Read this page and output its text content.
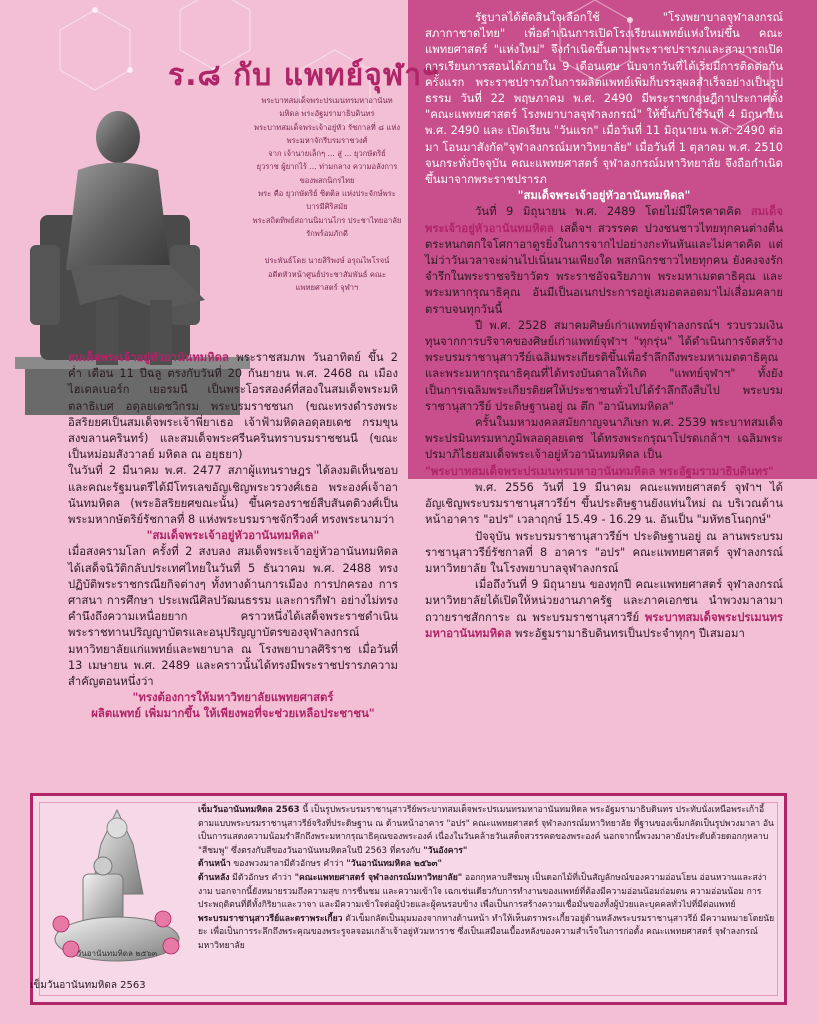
ร.๘ กับ แพทย์จุฬาฯ

พระบาทสมเด็จพระปรเมนทรมหาอานันทมหิดล พระอัฐมรามาธิบดินทร

พระบาทสมเด็จพระเจ้าอยู่หัว รัชกาลที่ ๘ แห่งพระมหาจักรีบรมราชวงศ์

จาก เจ้านายเล็กๆ ... สู่ ... ยุวกษัตริย์

ยุวราช ผู้ยากไร้ ... ท่ามกลาง ความอลังการของพสกนิกรไทย

พระ คือ ยุวกษัตริย์ ซิตติล แห่งประจักษ์พระบารมีศิริสมัย

พระสถิตทิพย์สถานนิมานไกร ประชาไทยอาลัยรักพร้อมภักดี

ประพันธ์โดย นายสิริพงษ์ อรุณไพโรจน์

อดีตหัวหน้าศูนย์ประชาสัมพันธ์ คณะแพทยศาสตร์ จุฬาฯ

สมเด็จพระเจ้าอยู่หัวอานันทมหิดล พระราชสมภพ วันอาทิตย์ ขึ้น 2 ค่ำ เดือน 11 ปีฉลู ตรงกับวันที่ 20 กันยายน พ.ศ. 2468 ณ เมืองไฮเดลเบอร์ก เยอรมนี เป็นพระโอรสองค์ที่สองในสมเด็จพระมหิตลาธิเบศ อดุลยเดชวิกรม พระบรมราชชนก (ขณะทรงดำรงพระอิสริยยศเป็นสมเด็จพระเจ้าพี่ยาเธอ เจ้าฟ้ามหิดลอดุลยเดช กรมขุนสงขลานครินทร์) และสมเด็จพระศรีนครินทราบรมราชชนนี (ขณะเป็นหม่อมสังวาลย์ มหิดล ณ อยุธยา)

ในวันที่ 2 มีนาคม พ.ศ. 2477 สภาผู้แทนราษฎร ได้ลงมติเห็นชอบ และคณะรัฐมนตรีได้มีโทรเลขอัญเชิญพระวรวงศ์เธอ พระองค์เจ้าอานันทมหิดล (พระอิสริยยศขณะนั้น) ขึ้นครองราชย์สืบสันตติวงศ์เป็นพระมหากษัตริย์รัชกาลที่ 8 แห่งพระบรมราชจักรีวงศ์ ทรงพระนามว่า

"สมเด็จพระเจ้าอยู่หัวอานันทมหิดล"

เมื่อสงครามโลก ครั้งที่ 2 สงบลง สมเด็จพระเจ้าอยู่หัวอานันทมหิดล ได้เสด็จนิวัติกลับประเทศไทยในวันที่ 5 ธันวาคม พ.ศ. 2488 ทรงปฏิบัติพระราชกรณียกิจต่างๆ ทั้งทางด้านการเมือง การปกครอง การศาสนา การศึกษา ประเพณีศิลปวัฒนธรรม และการกีฬา อย่างไม่ทรงคำนึงถึงความเหนื่อยยาก คราวหนึ่งได้เสด็จพระราชดำเนินพระราชทานปริญญาบัตรและอนุปริญญาบัตรของจุฬาลงกรณ์มหาวิทยาลัยแก่แพทย์และพยาบาล ณ โรงพยาบาลศิริราช เมื่อวันที่ 13 เมษายน พ.ศ. 2489 และคราวนั้นได้ทรงมีพระราชปรารภความสำคัญตอนหนึ่งว่า

"ทรงต้องการให้มหาวิทยาลัยแพทยศาสตร์

ผลิตแพทย์ เพิ่มมากขึ้น ให้เพียงพอที่จะช่วยเหลือประชาชน"

รัฐบาลได้ตัดสินใจเลือกใช้ "โรงพยาบาลจุฬาลงกรณ์ สภากาชาดไทย" เพื่อดำเนินการเปิดโรงเรียนแพทย์แห่งใหม่ขึ้น คณะแพทยศาสตร์ "แห่งใหม่" จึงกำเนิดขึ้นตามพระราชปรารภและสามารถเปิดการเรียนการสอนได้ภายใน 9 เดือนเศษ นับจากวันที่ได้เริ่มมีการติดต่อกันครั้งแรก พระราชปรารภในการผลิตแพทย์เพิ่มก็บรรลุผลสำเร็จอย่างเป็นรูปธรรม วันที่ 22 พฤษภาคม พ.ศ. 2490 มีพระราชกฤษฎีกาประกาศตั้ง "คณะแพทยศาสตร์ โรงพยาบาลจุฬาลงกรณ์" ให้ขึ้นกับใช้วันที่ 4 มิถุนายน พ.ศ. 2490 และ เปิดเรียน "วันแรก" เมื่อวันที่ 11 มิถุนายน พ.ศ. 2490 ต่อมา โอนมาสังกัด"จุฬาลงกรณ์มหาวิทยาลัย" เมื่อวันที่ 1 ตุลาคม พ.ศ. 2510 จนกระทั่งปัจจุบัน คณะแพทยศาสตร์ จุฬาลงกรณ์มหาวิทยาลัย จึงถือกำเนิดขึ้นมาจากพระราชปรารภ

"สมเด็จพระเจ้าอยู่หัวอานันทมหิดล"

วันที่ 9 มิถุนายน พ.ศ. 2489 โดยไม่มีใครคาดคิด สมเด็จพระเจ้าอยู่หัวอานันทมหิดล เสด็จฯ สวรรคต ปวงชนชาวไทยทุกคนต่างตื่นตระหนกตกใจโศกาอาดูรยิ่งในการจากไปอย่างกะทันหันและไม่คาดคิด แต่ไม่ว่าวันเวลาจะผ่านไปเนิ่นนานเพียงใด พสกนิกรชาวไทยทุกคน ยังคงจงรักจำรึกในพระราชจริยาวัตร พระราชอัจฉริยภาพ พระมหาเมตตาธิคุณ และพระมหากรุณาธิคุณ อันมีเป็นอเนกประการอยู่เสมอตลอดมาไม่เสื่อมคลายตราบจนทุกวันนี้

ปี พ.ศ. 2528 สมาคมศิษย์เก่าแพทย์จุฬาลงกรณ์ฯ รวบรวมเงินทุนจากการบริจาคของศิษย์เก่าแพทย์จุฬาฯ "ทุกรุ่น" ได้ดำเนินการจัดสร้างพระบรมราชานุสาวรีย์เฉลิมพระเกียรติขึ้นเพื่อรำลึกถึงพระมหาเมตตาธิคุณ และพระมหากรุณาธิคุณที่ได้ทรงบันดาลให้เกิด "แพทย์จุฬาฯ" ทั้งยังเป็นการเฉลิมพระเกียรติยศให้ประชาชนทั่วไปได้รำลึกถึงสืบไป พระบรมราชานุสาวรีย์ ประดิษฐานอยู่ ณ ตึก "อานันทมหิดล"

ครั้นในมหามงคลสมัยกาญจนาภิเษก พ.ศ. 2539 พระบาทสมเด็จพระปรมินทรมหาภูมิพลอดุลยเดช ได้ทรงพระกรุณาโปรดเกล้าฯ เฉลิมพระปรมาภิไธยสมเด็จพระเจ้าอยู่หัวอานันทมหิดล เป็น

"พระบาทสมเด็จพระปรเมนทรมหาอานันทมหิดล พระอัฐมรามาธิบดินทร"

พ.ศ. 2556 วันที่ 19 มีนาคม คณะแพทยศาสตร์ จุฬาฯ ได้อัญเชิญพระบรมราชานุสาวรีย์ฯ ขึ้นประดิษฐานยังแท่นใหม่ ณ บริเวณด้านหน้าอาคาร "อปร" เวลาฤกษ์ 15.49 - 16.29 น. อันเป็น "มหัทธโนฤกษ์"

ปัจจุบัน พระบรมราชานุสาวรีย์ฯ ประดิษฐานอยู่ ณ ลานพระบรมราชานุสาวรีย์รัชกาลที่ 8 อาคาร "อปร" คณะแพทยศาสตร์ จุฬาลงกรณ์มหาวิทยาลัย ในโรงพยาบาลจุฬาลงกรณ์

เมื่อถึงวันที่ 9 มิถุนายน ของทุกปี คณะแพทยศาสตร์ จุฬาลงกรณ์มหาวิทยาลัยได้เปิดให้หน่วยงานภาครัฐ และภาคเอกชน นำพวงมาลามาถวายราชสักการะ ณ พระบรมราชานุสาวรีย์ พระบาทสมเด็จพระปรเมนทรมหาอานันทมหิดล พระอัฐมรามาธิบดินทรเป็นประจำทุกๆ ปีเสมอมา

วันอานันทมหิดล ๒๕๖๓

เข็มวันอานันทมหิดล 2563 นี้ เป็นรูปพระบรมราชานุสาวรีย์พระบาทสมเด็จพระปรเมนทรมหาอานันทมหิดล พระอัฐมรามาธิบดินทร ประทับนั่งเหนือพระเก้าอี้ ตามแบบพระบรมราชานุสาวรีย์จริงที่ประดิษฐาน ณ ด้านหน้าอาคาร "อปร" คณะแพทยศาสตร์ จุฬาลงกรณ์มหาวิทยาลัย ที่ฐานของเข็มกลัดเป็นรูปพวงมาลา อันเป็นการแสดงความน้อมรำลึกถึงพระมหากรุณาธิคุณของพระองค์ เนื่องในวันคล้ายวันเสด็จสวรรคตของพระองค์ นอกจากนี้พวงมาลายังประดับด้วยดอกกุหลาบ "สีชมพู" ซึ่งตรงกับสีของวันอานันทมหิดลในปี 2563 ที่ตรงกับ "วันอังคาร"

ด้านหน้า ของพวงมาลามีตัวอักษร คำว่า "วันอานันทมหิดล ๒๕๖๓"

ด้านหลัง มีตัวอักษร คำว่า "คณะแพทยศาสตร์ จุฬาลงกรณ์มหาวิทยาลัย" ออกกุหลาบสีชมพู เป็นดอกไม้ที่เป็นสัญลักษณ์ของความอ่อนโยน อ่อนหวานและสง่างาม บอกจากนี้ยังหมายรวมถึงความสุข การชื่นชม และความเข้าใจ เฉกเช่นเดียวกับการทำงานของแพทย์ที่ต้องมีความอ่อนน้อมถ่อมตน ความอ่อนน้อม การประพฤติตนที่ดีทั้งกิริยาและวาจา และมีความเข้าใจต่อผู้ป่วยและผู้คนรอบข้าง เพื่อเป็นการสร้างความเชื่อมั่นของทั้งผู้ป่วยและบุคคลทั่วไปที่มีต่อแพทย์

พระบรมราชานุสาวรีย์และตราพระเกี้ยว ตัวเข็มกลัดเป็นมุมมองจากทางด้านหน้า ทำให้เห็นตราพระเกี้ยวอยู่ด้านหลังพระบรมราชานุสาวรีย์ มีความหมายโดยนัยยะ เพื่อเป็นการระลึกถึงพระคุณของพระรูจลจอมเกล้าเจ้าอยู่หัวมหาราช ซึ่งเป็นเสมือนเบื้องหลังของความสำเร็จในการก่อตั้ง คณะแพทยศาสตร์ จุฬาลงกรณ์มหาวิทยาลัย

เข็มวันอานันทมหิดล 2563
